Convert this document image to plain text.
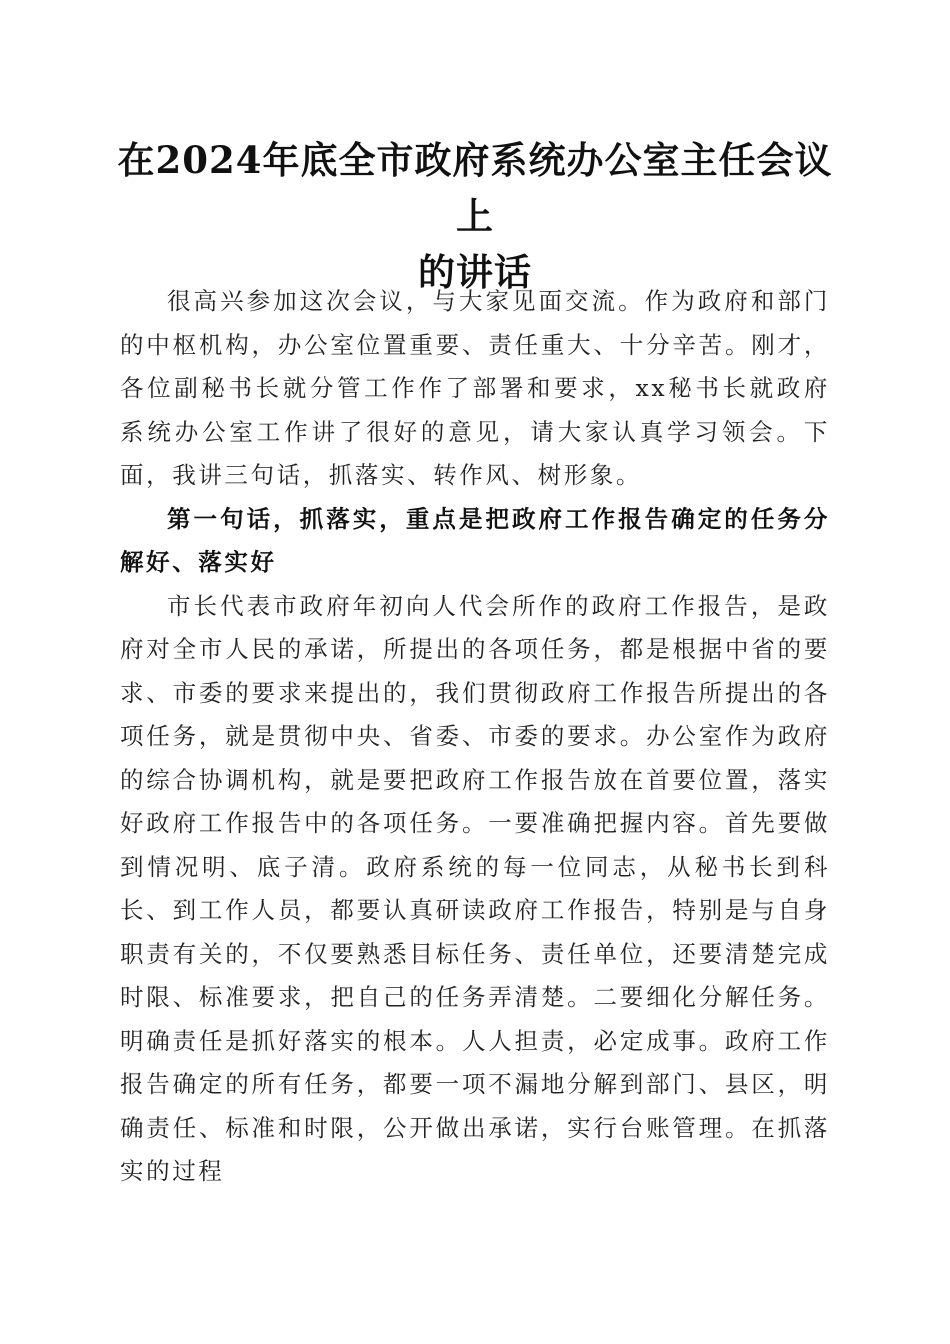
在2024年底全市政府系统办公室主任会议上
的讲话

很高兴参加这次会议，与大家见面交流。作为政府和部门的中枢机构，办公室位置重要、责任重大、十分辛苦。刚才，各位副秘书长就分管工作作了部署和要求，xx秘书长就政府系统办公室工作讲了很好的意见，请大家认真学习领会。下面，我讲三句话，抓落实、转作风、树形象。

第一句话，抓落实，重点是把政府工作报告确定的任务分解好、落实好

市长代表市政府年初向人代会所作的政府工作报告，是政府对全市人民的承诺，所提出的各项任务，都是根据中省的要求、市委的要求来提出的，我们贯彻政府工作报告所提出的各项任务，就是贯彻中央、省委、市委的要求。办公室作为政府的综合协调机构，就是要把政府工作报告放在首要位置，落实好政府工作报告中的各项任务。一要准确把握内容。首先要做到情况明、底子清。政府系统的每一位同志，从秘书长到科长、到工作人员，都要认真研读政府工作报告，特别是与自身职责有关的，不仅要熟悉目标任务、责任单位，还要清楚完成时限、标准要求，把自己的任务弄清楚。二要细化分解任务。明确责任是抓好落实的根本。人人担责，必定成事。政府工作报告确定的所有任务，都要一项不漏地分解到部门、县区，明确责任、标准和时限，公开做出承诺，实行台账管理。在抓落实的过程
